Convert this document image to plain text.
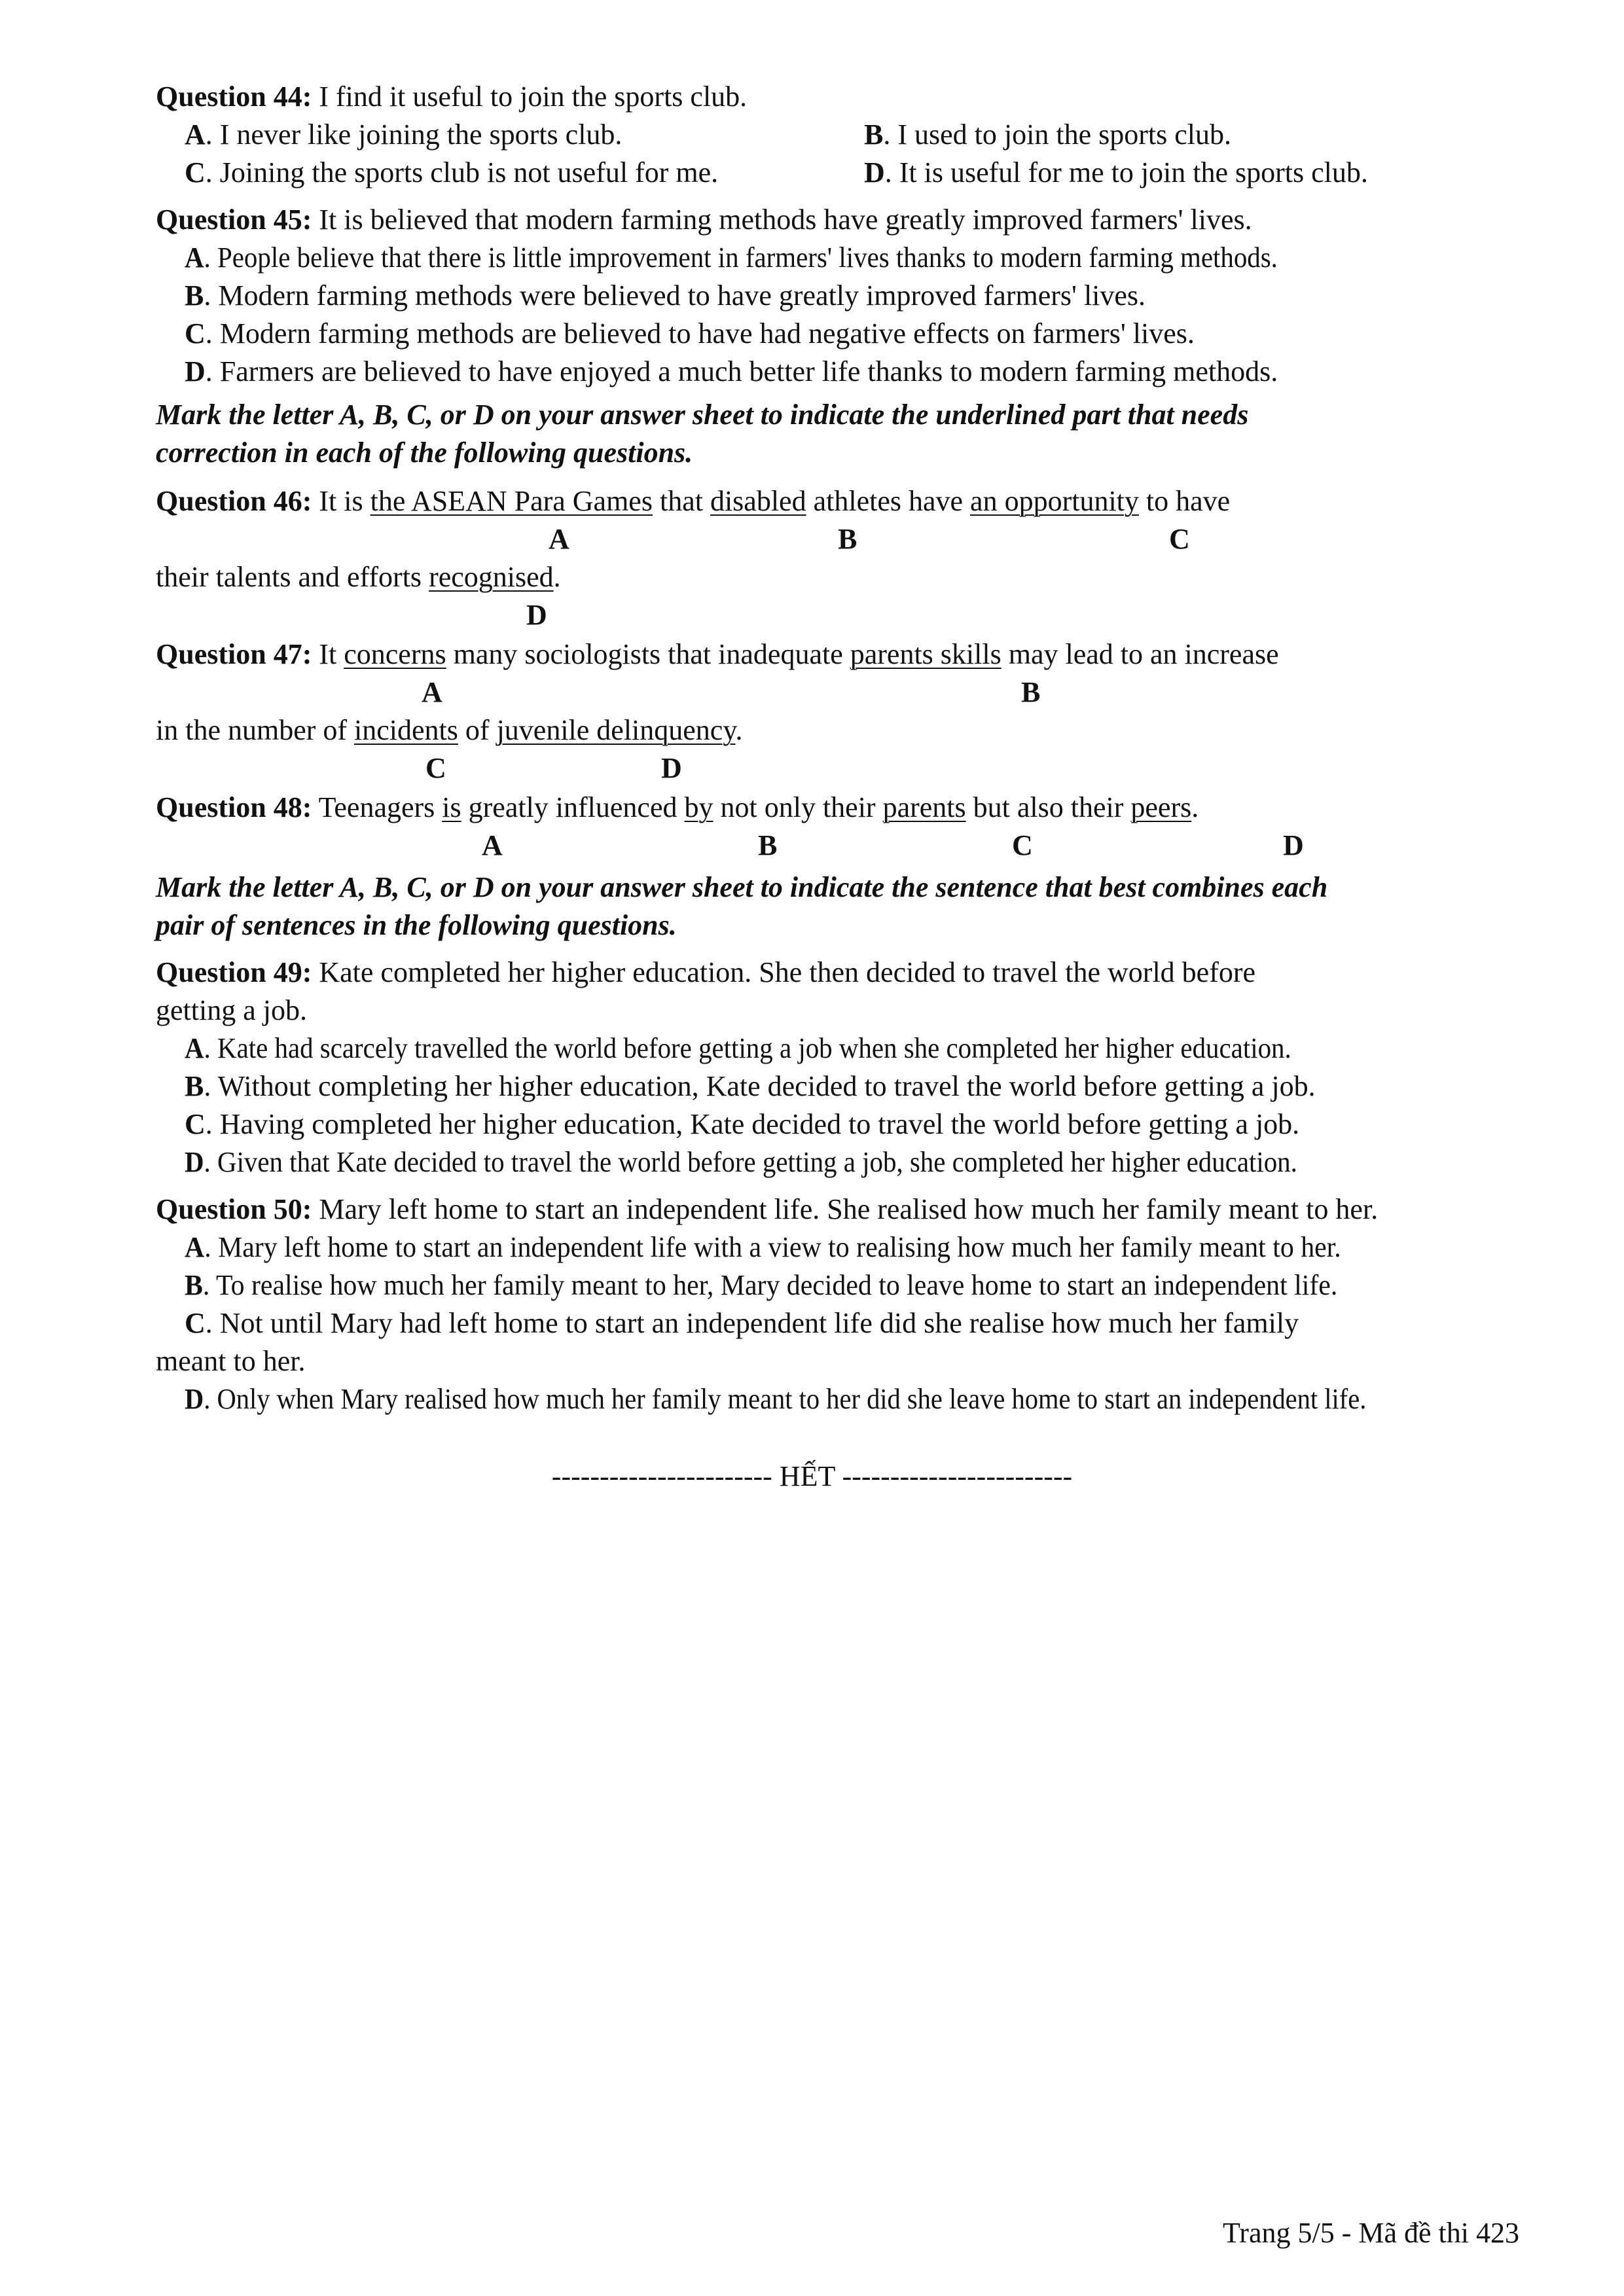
Question 44: I find it useful to join the sports club.
A. I never like joining the sports club.	B. I used to join the sports club.
C. Joining the sports club is not useful for me.	D. It is useful for me to join the sports club.
Question 45: It is believed that modern farming methods have greatly improved farmers' lives.
A. People believe that there is little improvement in farmers' lives thanks to modern farming methods.
B. Modern farming methods were believed to have greatly improved farmers' lives.
C. Modern farming methods are believed to have had negative effects on farmers' lives.
D. Farmers are believed to have enjoyed a much better life thanks to modern farming methods.
Mark the letter A, B, C, or D on your answer sheet to indicate the underlined part that needs
correction in each of the following questions.
Question 46: It is the ASEAN Para Games that disabled athletes have an opportunity to have
A	B	C
their talents and efforts recognised.
D
Question 47: It concerns many sociologists that inadequate parents skills may lead to an increase
A	B
in the number of incidents of juvenile delinquency.
C	D
Question 48: Teenagers is greatly influenced by not only their parents but also their peers.
A	B	C	D
Mark the letter A, B, C, or D on your answer sheet to indicate the sentence that best combines each
pair of sentences in the following questions.
Question 49: Kate completed her higher education. She then decided to travel the world before
getting a job.
A. Kate had scarcely travelled the world before getting a job when she completed her higher education.
B. Without completing her higher education, Kate decided to travel the world before getting a job.
C. Having completed her higher education, Kate decided to travel the world before getting a job.
D. Given that Kate decided to travel the world before getting a job, she completed her higher education.
Question 50: Mary left home to start an independent life. She realised how much her family meant to her.
A. Mary left home to start an independent life with a view to realising how much her family meant to her.
B. To realise how much her family meant to her, Mary decided to leave home to start an independent life.
C. Not until Mary had left home to start an independent life did she realise how much her family
meant to her.
D. Only when Mary realised how much her family meant to her did she leave home to start an independent life.
----------------------- HẾT ------------------------
Trang 5/5 - Mã đề thi 423
